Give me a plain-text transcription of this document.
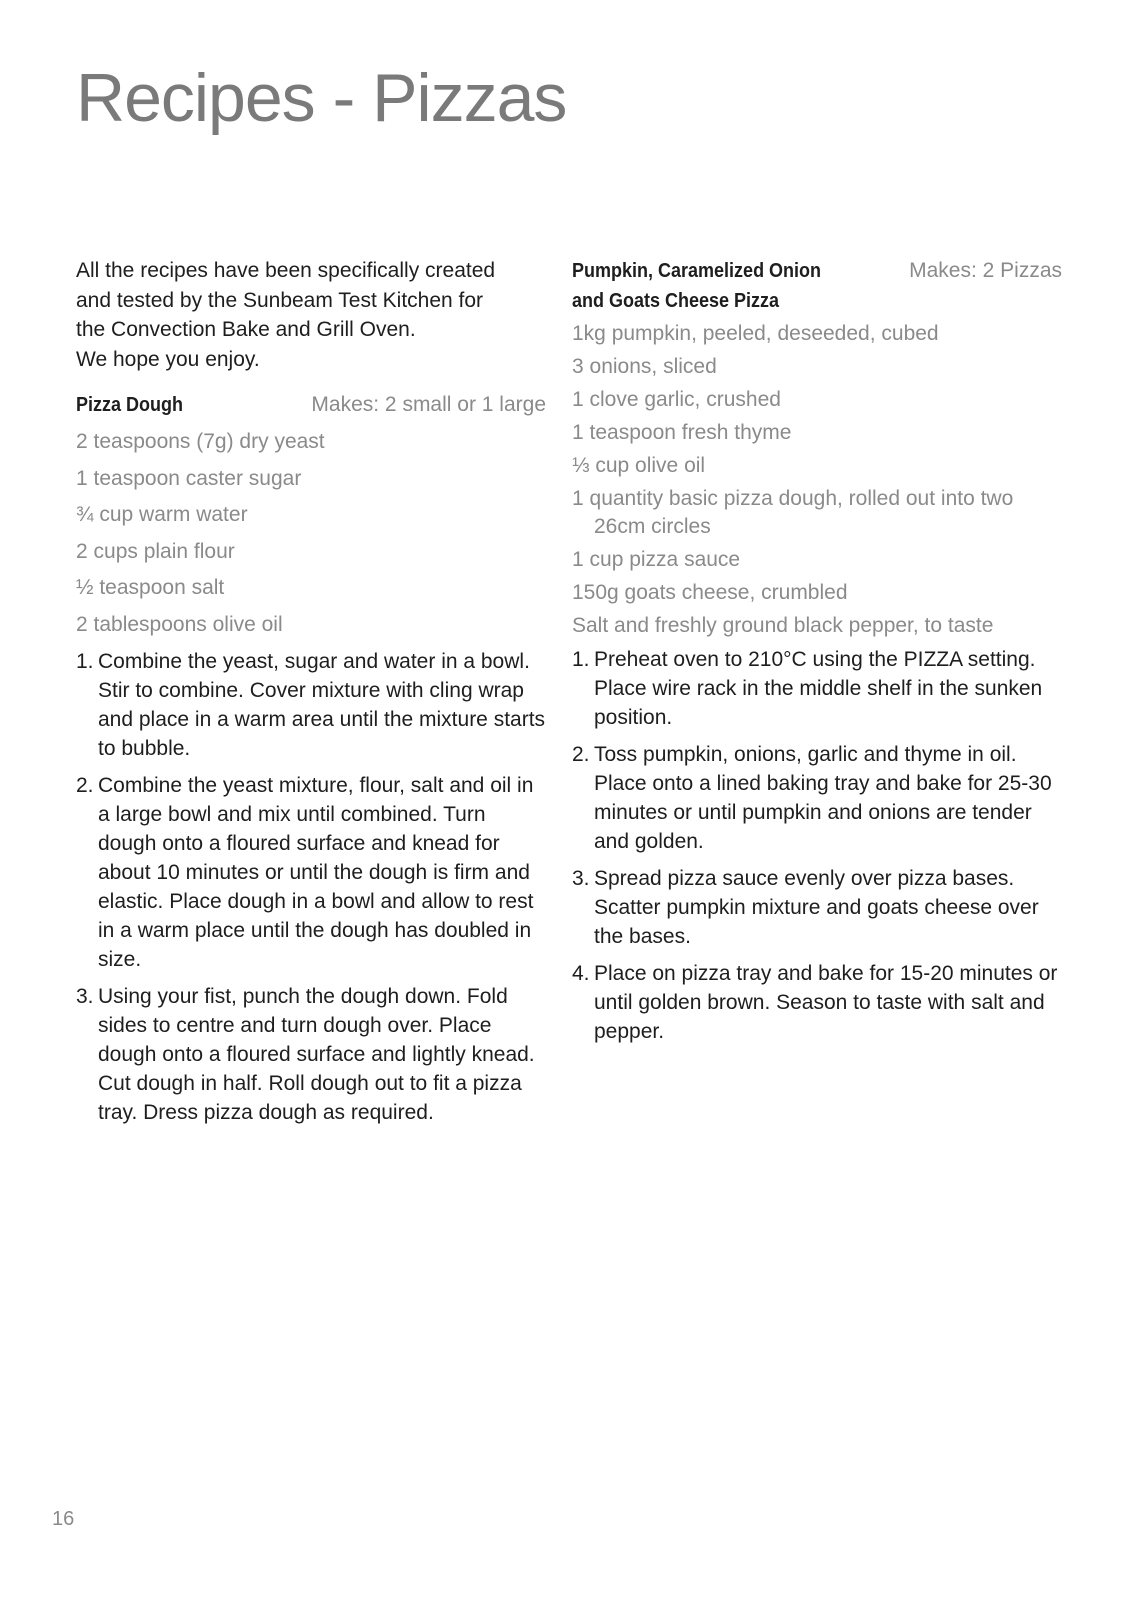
Recipes - Pizzas

All the recipes have been specifically created

and tested by the Sunbeam Test Kitchen for

the Convection Bake and Grill Oven.

We hope you enjoy.

Pizza Dough	Makes: 2 small or 1 large
2 teaspoons (7g) dry yeast
1 teaspoon caster sugar
¾ cup warm water
2 cups plain flour
½ teaspoon salt
2 tablespoons olive oil
1. Combine the yeast, sugar and water in a bowl. Stir to combine. Cover mixture with cling wrap and place in a warm area until the mixture starts to bubble.
2. Combine the yeast mixture, flour, salt and oil in a large bowl and mix until combined. Turn dough onto a floured surface and knead for about 10 minutes or until the dough is firm and elastic. Place dough in a bowl and allow to rest in a warm place until the dough has doubled in size.
3. Using your fist, punch the dough down. Fold sides to centre and turn dough over. Place dough onto a floured surface and lightly knead. Cut dough in half. Roll dough out to fit a pizza tray. Dress pizza dough as required.
Pumpkin, Caramelized Onion
and Goats Cheese Pizza
Makes: 2 Pizzas
1kg pumpkin, peeled, deseeded, cubed
3 onions, sliced
1 clove garlic, crushed
1 teaspoon fresh thyme
⅓ cup olive oil
1 quantity basic pizza dough, rolled out into two 26cm circles
1 cup pizza sauce
150g goats cheese, crumbled
Salt and freshly ground black pepper, to taste
1. Preheat oven to 210°C using the PIZZA setting. Place wire rack in the middle shelf in the sunken position.
2. Toss pumpkin, onions, garlic and thyme in oil. Place onto a lined baking tray and bake for 25-30 minutes or until pumpkin and onions are tender and golden.
3. Spread pizza sauce evenly over pizza bases. Scatter pumpkin mixture and goats cheese over the bases.
4. Place on pizza tray and bake for 15-20 minutes or until golden brown. Season to taste with salt and pepper.
16
